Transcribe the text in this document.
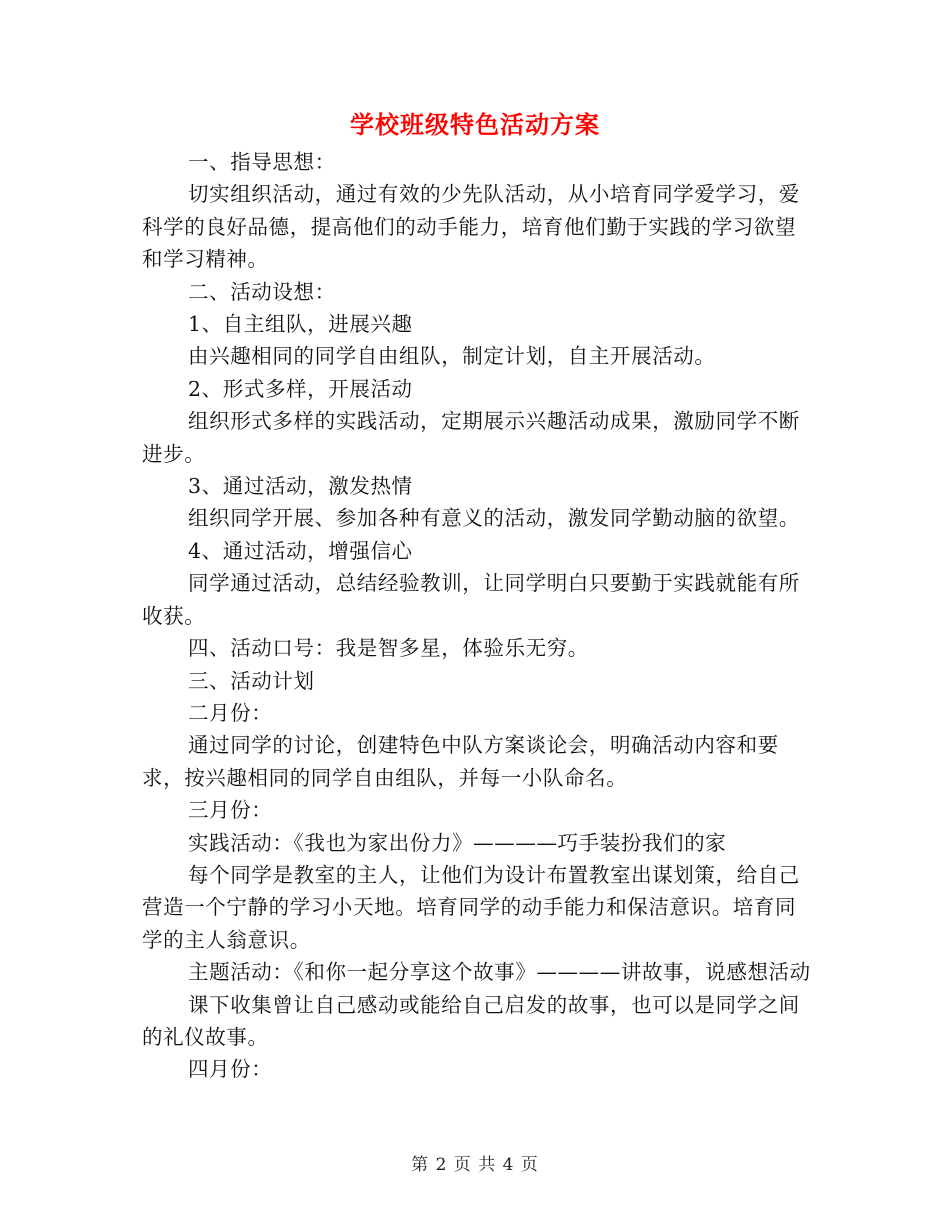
学校班级特色活动方案

一、指导思想：

切实组织活动，通过有效的少先队活动，从小培育同学爱学习，爱科学的良好品德，提高他们的动手能力，培育他们勤于实践的学习欲望和学习精神。

二、活动设想：

1、自主组队，进展兴趣

由兴趣相同的同学自由组队，制定计划，自主开展活动。

2、形式多样，开展活动

组织形式多样的实践活动，定期展示兴趣活动成果，激励同学不断进步。

3、通过活动，激发热情

组织同学开展、参加各种有意义的活动，激发同学勤动脑的欲望。

4、通过活动，增强信心

同学通过活动，总结经验教训，让同学明白只要勤于实践就能有所收获。

四、活动口号：我是智多星，体验乐无穷。

三、活动计划

二月份：

通过同学的讨论，创建特色中队方案谈论会，明确活动内容和要求，按兴趣相同的同学自由组队，并每一小队命名。

三月份：

实践活动：《我也为家出份力》————巧手装扮我们的家

每个同学是教室的主人，让他们为设计布置教室出谋划策，给自己营造一个宁静的学习小天地。培育同学的动手能力和保洁意识。培育同学的主人翁意识。

主题活动：《和你一起分享这个故事》————讲故事，说感想活动

课下收集曾让自己感动或能给自己启发的故事，也可以是同学之间的礼仪故事。

四月份：

第 2 页 共 4 页
